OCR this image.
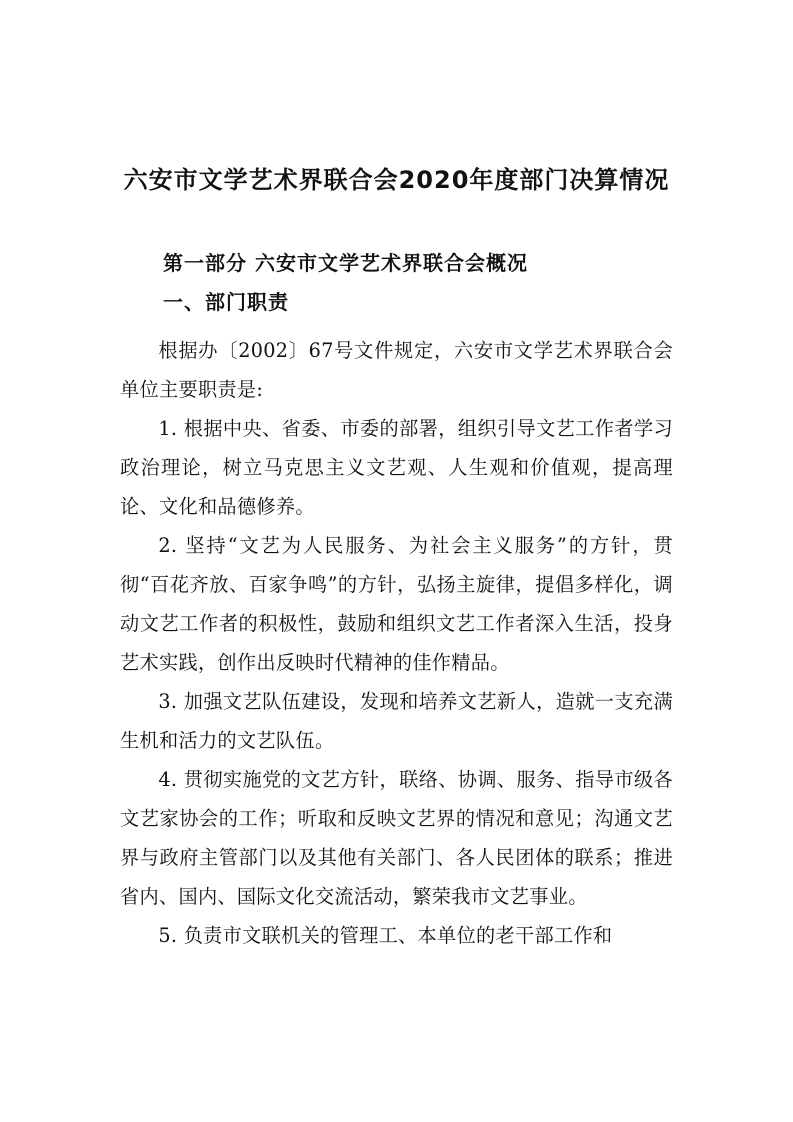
六安市文学艺术界联合会2020年度部门决算情况
第一部分 六安市文学艺术界联合会概况
一、部门职责

根据办〔2002〕67号文件规定，六安市文学艺术界联合会单位主要职责是:

1. 根据中央、省委、市委的部署，组织引导文艺工作者学习政治理论，树立马克思主义文艺观、人生观和价值观，提高理论、文化和品德修养。

2. 坚持“文艺为人民服务、为社会主义服务”的方针，贯彻“百花齐放、百家争鸣”的方针，弘扬主旋律，提倡多样化，调动文艺工作者的积极性，鼓励和组织文艺工作者深入生活，投身艺术实践，创作出反映时代精神的佳作精品。

3. 加强文艺队伍建设，发现和培养文艺新人，造就一支充满生机和活力的文艺队伍。

4. 贯彻实施党的文艺方针，联络、协调、服务、指导市级各文艺家协会的工作；听取和反映文艺界的情况和意见；沟通文艺界与政府主管部门以及其他有关部门、各人民团体的联系；推进省内、国内、国际文化交流活动，繁荣我市文艺事业。

5. 负责市文联机关的管理工、本单位的老干部工作和
